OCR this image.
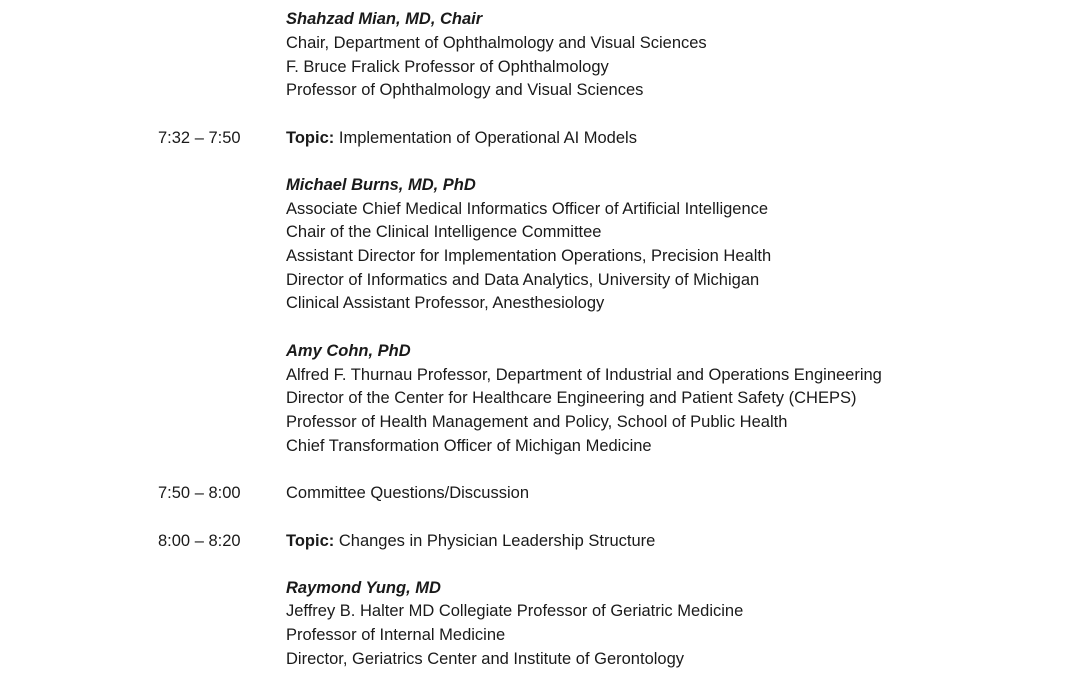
Shahzad Mian, MD, Chair
Chair, Department of Ophthalmology and Visual Sciences
F. Bruce Fralick Professor of Ophthalmology
Professor of Ophthalmology and Visual Sciences
7:32 – 7:50	Topic: Implementation of Operational AI Models
Michael Burns, MD, PhD
Associate Chief Medical Informatics Officer of Artificial Intelligence
Chair of the Clinical Intelligence Committee
Assistant Director for Implementation Operations, Precision Health
Director of Informatics and Data Analytics, University of Michigan
Clinical Assistant Professor, Anesthesiology
Amy Cohn, PhD
Alfred F. Thurnau Professor, Department of Industrial and Operations Engineering
Director of the Center for Healthcare Engineering and Patient Safety (CHEPS)
Professor of Health Management and Policy, School of Public Health
Chief Transformation Officer of Michigan Medicine
7:50 – 8:00	Committee Questions/Discussion
8:00 – 8:20	Topic: Changes in Physician Leadership Structure
Raymond Yung, MD
Jeffrey B. Halter MD Collegiate Professor of Geriatric Medicine
Professor of Internal Medicine
Director, Geriatrics Center and Institute of Gerontology
